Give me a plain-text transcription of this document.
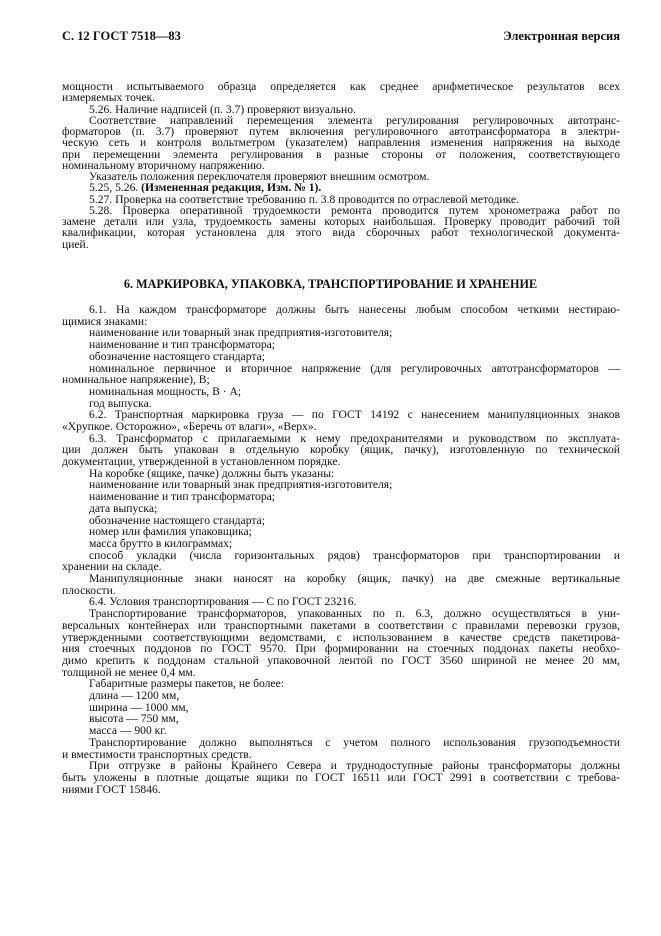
С. 12 ГОСТ 7518—83	Электронная версия
мощности испытываемого образца определяется как среднее арифметическое результатов всех
измеряемых точек.
5.26. Наличие надписей (п. 3.7) проверяют визуально.
Соответствие направлений перемещения элемента регулирования регулировочных автотранс-
форматоров (п. 3.7) проверяют путем включения регулировочного автотрансформатора в электри-
ческую сеть и контроля вольтметром (указателем) направления изменения напряжения на выходе
при перемещении элемента регулирования в разные стороны от положения, соответствующего
номинальному вторичному напряжению.
Указатель положения переключателя проверяют внешним осмотром.
5.25, 5.26. (Измененная редакция, Изм. № 1).
5.27. Проверка на соответствие требованию п. 3.8 проводится по отраслевой методике.
5.28. Проверка оперативной трудоемкости ремонта проводится путем хронометража работ по
замене детали или узла, трудоемкость замены которых наибольшая. Проверку проводит рабочий той
квалификации, которая установлена для этого вида сборочных работ технологической документа-
цией.
6. МАРКИРОВКА, УПАКОВКА, ТРАНСПОРТИРОВАНИЕ И ХРАНЕНИЕ
6.1. На каждом трансформаторе должны быть нанесены любым способом четкими нестираю-
щимися знаками:
наименование или товарный знак предприятия-изготовителя;
наименование и тип трансформатора;
обозначение настоящего стандарта;
номинальное первичное и вторичное напряжение (для регулировочных автотрансформаторов —
номинальное напряжение), В;
номинальная мощность, В · А;
год выпуска.
6.2. Транспортная маркировка груза — по ГОСТ 14192 с нанесением манипуляционных знаков
«Хрупкое. Осторожно», «Беречь от влаги», «Верх».
6.3. Трансформатор с прилагаемыми к нему предохранителями и руководством по эксплуата-
ции должен быть упакован в отдельную коробку (ящик, пачку), изготовленную по технической
документации, утвержденной в установленном порядке.
На коробке (ящике, пачке) должны быть указаны:
наименование или товарный знак предприятия-изготовителя;
наименование и тип трансформатора;
дата выпуска;
обозначение настоящего стандарта;
номер или фамилия упаковщика;
масса брутто в килограммах;
способ укладки (числа горизонтальных рядов) трансформаторов при транспортировании и
хранении на складе.
Манипуляционные знаки наносят на коробку (ящик, пачку) на две смежные вертикальные
плоскости.
6.4. Условия транспортирования — С по ГОСТ 23216.
Транспортирование трансформаторов, упакованных по п. 6.3, должно осуществляться в уни-
версальных контейнерах или транспортными пакетами в соответствии с правилами перевозки грузов,
утвержденными соответствующими ведомствами, с использованием в качестве средств пакетирова-
ния стоечных поддонов по ГОСТ 9570. При формировании на стоечных поддонах пакеты необхо-
димо крепить к поддонам стальной упаковочной лентой по ГОСТ 3560 шириной не менее 20 мм,
толщиной не менее 0,4 мм.
Габаритные размеры пакетов, не более:
длина — 1200 мм,
ширина — 1000 мм,
высота — 750 мм,
масса — 900 кг.
Транспортирование должно выполняться с учетом полного использования грузоподъемности
и вместимости транспортных средств.
При отгрузке в районы Крайнего Севера и труднодоступные районы трансформаторы должны
быть уложены в плотные дощатые ящики по ГОСТ 16511 или ГОСТ 2991 в соответствии с требова-
ниями ГОСТ 15846.
